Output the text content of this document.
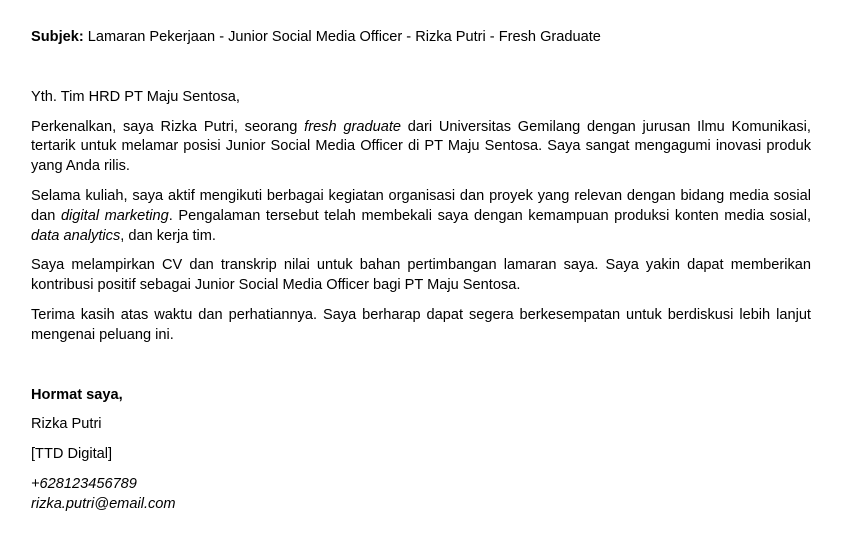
Subjek: Lamaran Pekerjaan - Junior Social Media Officer - Rizka Putri - Fresh Graduate
Yth. Tim HRD PT Maju Sentosa,

Perkenalkan, saya Rizka Putri, seorang fresh graduate dari Universitas Gemilang dengan jurusan Ilmu Komunikasi, tertarik untuk melamar posisi Junior Social Media Officer di PT Maju Sentosa. Saya sangat mengagumi inovasi produk yang Anda rilis.

Selama kuliah, saya aktif mengikuti berbagai kegiatan organisasi dan proyek yang relevan dengan bidang media sosial dan digital marketing. Pengalaman tersebut telah membekali saya dengan kemampuan produksi konten media sosial, data analytics, dan kerja tim.

Saya melampirkan CV dan transkrip nilai untuk bahan pertimbangan lamaran saya. Saya yakin dapat memberikan kontribusi positif sebagai Junior Social Media Officer bagi PT Maju Sentosa.

Terima kasih atas waktu dan perhatiannya. Saya berharap dapat segera berkesempatan untuk berdiskusi lebih lanjut mengenai peluang ini.

Hormat saya,
Rizka Putri
[TTD Digital]
+628123456789
rizka.putri@email.com
